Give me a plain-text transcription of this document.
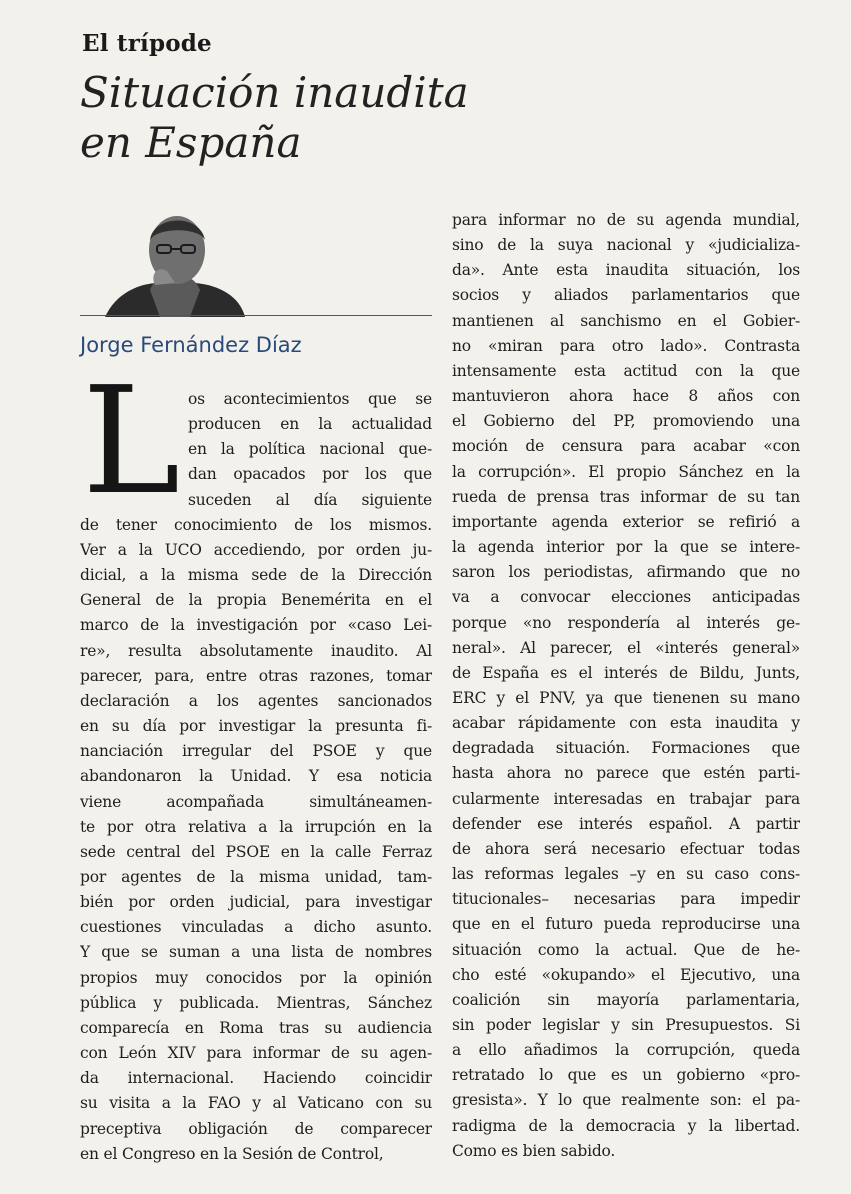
El trípode
Situación inaudita
en España
Jorge Fernández Díaz
L os acontecimientos que se
producen en la actualidad
en la política nacional que-
dan opacados por los que
suceden al día siguiente
de tener conocimiento de los mismos.
Ver a la UCO accediendo, por orden ju-
dicial, a la misma sede de la Dirección
General de la propia Benemérita en el
marco de la investigación por «caso Lei-
re», resulta absolutamente inaudito. Al
parecer, para, entre otras razones, tomar
declaración a los agentes sancionados
en su día por investigar la presunta fi-
nanciación irregular del PSOE y que
abandonaron la Unidad. Y esa noticia
viene acompañada simultáneamen-
te por otra relativa a la irrupción en la
sede central del PSOE en la calle Ferraz
por agentes de la misma unidad, tam-
bién por orden judicial, para investigar
cuestiones vinculadas a dicho asunto.
Y que se suman a una lista de nombres
propios muy conocidos por la opinión
pública y publicada. Mientras, Sánchez
comparecía en Roma tras su audiencia
con León XIV para informar de su agen-
da internacional. Haciendo coincidir
su visita a la FAO y al Vaticano con su
preceptiva obligación de comparecer
en el Congreso en la Sesión de Control,
para informar no de su agenda mundial,
sino de la suya nacional y «judicializa-
da». Ante esta inaudita situación, los
socios y aliados parlamentarios que
mantienen al sanchismo en el Gobier-
no «miran para otro lado». Contrasta
intensamente esta actitud con la que
mantuvieron ahora hace 8 años con
el Gobierno del PP, promoviendo una
moción de censura para acabar «con
la corrupción». El propio Sánchez en la
rueda de prensa tras informar de su tan
importante agenda exterior se refirió a
la agenda interior por la que se intere-
saron los periodistas, afirmando que no
va a convocar elecciones anticipadas
porque «no respondería al interés ge-
neral». Al parecer, el «interés general»
de España es el interés de Bildu, Junts,
ERC y el PNV, ya que tienenen su mano
acabar rápidamente con esta inaudita y
degradada situación. Formaciones que
hasta ahora no parece que estén parti-
cularmente interesadas en trabajar para
defender ese interés español. A partir
de ahora será necesario efectuar todas
las reformas legales –y en su caso cons-
titucionales– necesarias para impedir
que en el futuro pueda reproducirse una
situación como la actual. Que de he-
cho esté «okupando» el Ejecutivo, una
coalición sin mayoría parlamentaria,
sin poder legislar y sin Presupuestos. Si
a ello añadimos la corrupción, queda
retratado lo que es un gobierno «pro-
gresista». Y lo que realmente son: el pa-
radigma de la democracia y la libertad.
Como es bien sabido.
